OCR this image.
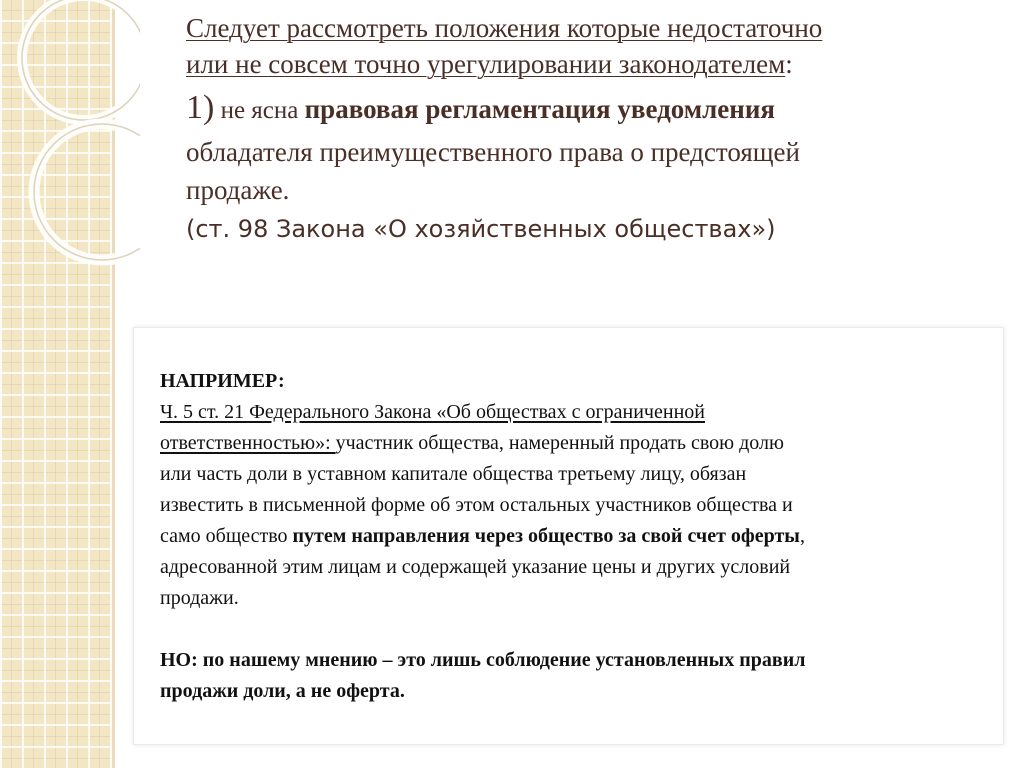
Следует рассмотреть положения которые недостаточно
или не совсем точно урегулировании законодателем:
1) не ясна правовая регламентация уведомления
обладателя преимущественного права о предстоящей
продаже.
(ст. 98 Закона «О хозяйственных обществах»)
НАПРИМЕР:
Ч. 5 ст. 21 Федерального Закона «Об обществах с ограниченной
ответственностью»: участник общества, намеренный продать свою долю
или часть доли в уставном капитале общества третьему лицу, обязан
известить в письменной форме об этом остальных участников общества и
само общество путем направления через общество за свой счет оферты,
адресованной этим лицам и содержащей указание цены и других условий
продажи.
НО: по нашему мнению – это лишь соблюдение установленных правил
продажи доли, а не оферта.
